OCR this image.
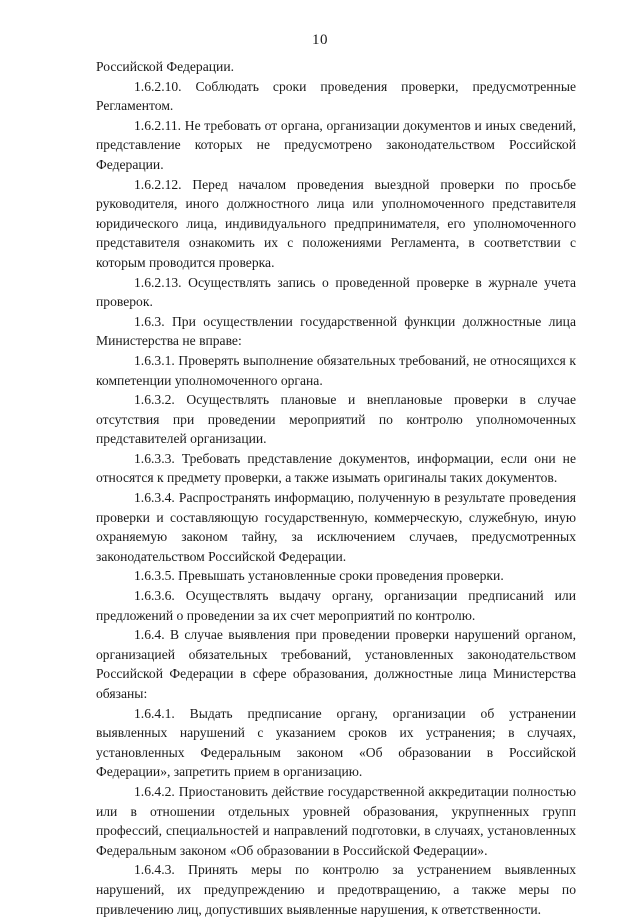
10

Российской Федерации.

1.6.2.10. Соблюдать сроки проведения проверки, предусмотренные Регламентом.

1.6.2.11. Не требовать от органа, организации документов и иных сведений, представление которых не предусмотрено законодательством Российской Федерации.

1.6.2.12. Перед началом проведения выездной проверки по просьбе руководителя, иного должностного лица или уполномоченного представителя юридического лица, индивидуального предпринимателя, его уполномоченного представителя ознакомить их с положениями Регламента, в соответствии с которым проводится проверка.

1.6.2.13. Осуществлять запись о проведенной проверке в журнале учета проверок.

1.6.3. При осуществлении государственной функции должностные лица Министерства не вправе:

1.6.3.1. Проверять выполнение обязательных требований, не относящихся к компетенции уполномоченного органа.

1.6.3.2. Осуществлять плановые и внеплановые проверки в случае отсутствия при проведении мероприятий по контролю уполномоченных представителей организации.

1.6.3.3. Требовать представление документов, информации, если они не относятся к предмету проверки, а также изымать оригиналы таких документов.

1.6.3.4. Распространять информацию, полученную в результате проведения проверки и составляющую государственную, коммерческую, служебную, иную охраняемую законом тайну, за исключением случаев, предусмотренных законодательством Российской Федерации.

1.6.3.5. Превышать установленные сроки проведения проверки.

1.6.3.6. Осуществлять выдачу органу, организации предписаний или предложений о проведении за их счет мероприятий по контролю.

1.6.4. В случае выявления при проведении проверки нарушений органом, организацией обязательных требований, установленных законодательством Российской Федерации в сфере образования, должностные лица Министерства обязаны:

1.6.4.1. Выдать предписание органу, организации об устранении выявленных нарушений с указанием сроков их устранения; в случаях, установленных Федеральным законом «Об образовании в Российской Федерации», запретить прием в организацию.

1.6.4.2. Приостановить действие государственной аккредитации полностью или в отношении отдельных уровней образования, укрупненных групп профессий, специальностей и направлений подготовки, в случаях, установленных Федеральным законом «Об образовании в Российской Федерации».

1.6.4.3. Принять меры по контролю за устранением выявленных нарушений, их предупреждению и предотвращению, а также меры по привлечению лиц, допустивших выявленные нарушения, к ответственности.
